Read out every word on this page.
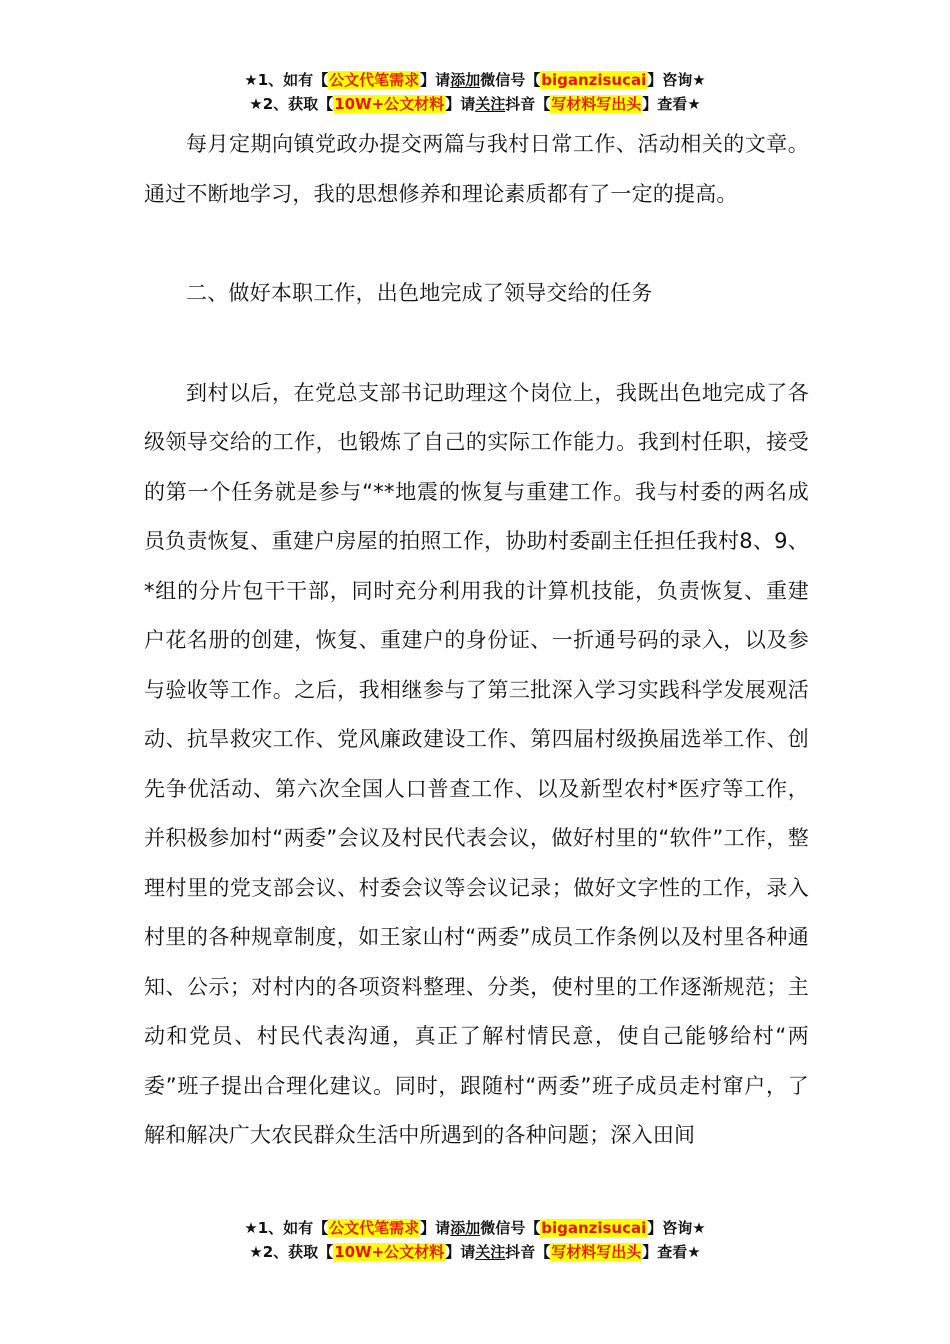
★1、如有【公文代笔需求】请添加微信号【biganzisucai】咨询★
★2、获取【10W+公文材料】请关注抖音【写材料写出头】查看★

每月定期向镇党政办提交两篇与我村日常工作、活动相关的文章。通过不断地学习，我的思想修养和理论素质都有了一定的提高。

二、做好本职工作，出色地完成了领导交给的任务

到村以后，在党总支部书记助理这个岗位上，我既出色地完成了各级领导交给的工作，也锻炼了自己的实际工作能力。我到村任职，接受的第一个任务就是参与“**地震的恢复与重建工作。我与村委的两名成员负责恢复、重建户房屋的拍照工作，协助村委副主任担任我村8、9、*组的分片包干干部，同时充分利用我的计算机技能，负责恢复、重建户花名册的创建，恢复、重建户的身份证、一折通号码的录入，以及参与验收等工作。之后，我相继参与了第三批深入学习实践科学发展观活动、抗旱救灾工作、党风廉政建设工作、第四届村级换届选举工作、创先争优活动、第六次全国人口普查工作、以及新型农村*医疗等工作，并积极参加村“两委”会议及村民代表会议，做好村里的“软件”工作，整理村里的党支部会议、村委会议等会议记录；做好文字性的工作，录入村里的各种规章制度，如王家山村“两委”成员工作条例以及村里各种通知、公示；对村内的各项资料整理、分类，使村里的工作逐渐规范；主动和党员、村民代表沟通，真正了解村情民意，使自己能够给村“两委”班子提出合理化建议。同时，跟随村“两委”班子成员走村窜户，了解和解决广大农民群众生活中所遇到的各种问题；深入田间

★1、如有【公文代笔需求】请添加微信号【biganzisucai】咨询★
★2、获取【10W+公文材料】请关注抖音【写材料写出头】查看★
